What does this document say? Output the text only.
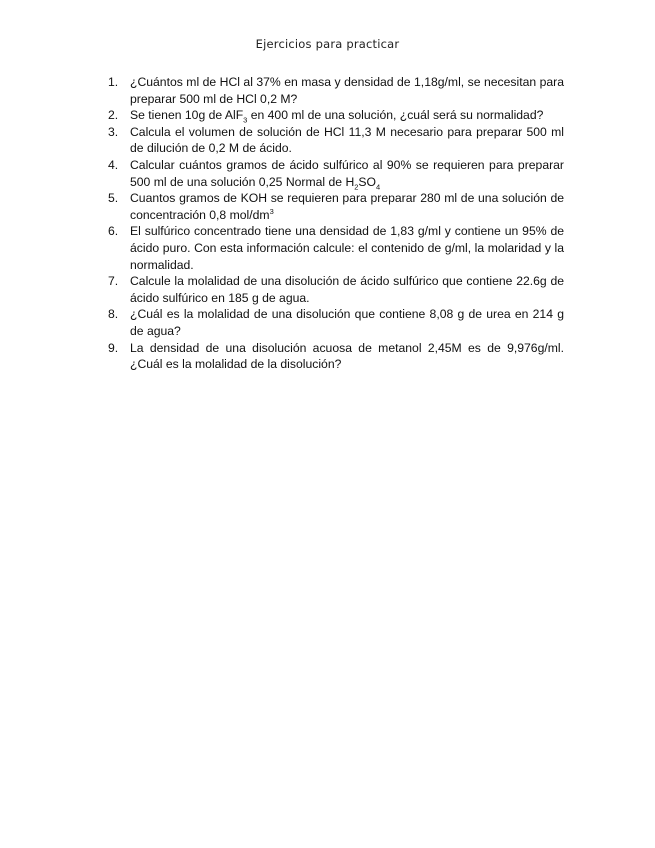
Ejercicios para practicar
1. ¿Cuántos ml de HCl al 37% en masa y densidad de 1,18g/ml, se necesitan para preparar 500 ml de HCl 0,2 M?
2. Se tienen 10g de AlF$_3$ en 400 ml de una solución, ¿cuál será su normalidad?
3. Calcula el volumen de solución de HCl 11,3 M necesario para preparar 500 ml de dilución de 0,2 M de ácido.
4. Calcular cuántos gramos de ácido sulfúrico al 90% se requieren para preparar 500 ml de una solución 0,25 Normal de $H_2SO_4$
5. Cuantos gramos de KOH se requieren para preparar 280 ml de una solución de concentración 0,8 mol/$dm^3$
6. El sulfúrico concentrado tiene una densidad de 1,83 g/ml y contiene un 95% de ácido puro. Con esta información calcule: el contenido de g/ml, la molaridad y la normalidad.
7. Calcule la molalidad de una disolución de ácido sulfúrico que contiene 22.6g de ácido sulfúrico en 185 g de agua.
8. ¿Cuál es la molalidad de una disolución que contiene 8,08 g de urea en 214 g de agua?
9. La densidad de una disolución acuosa de metanol 2,45M es de 9,976g/ml. ¿Cuál es la molalidad de la disolución?
